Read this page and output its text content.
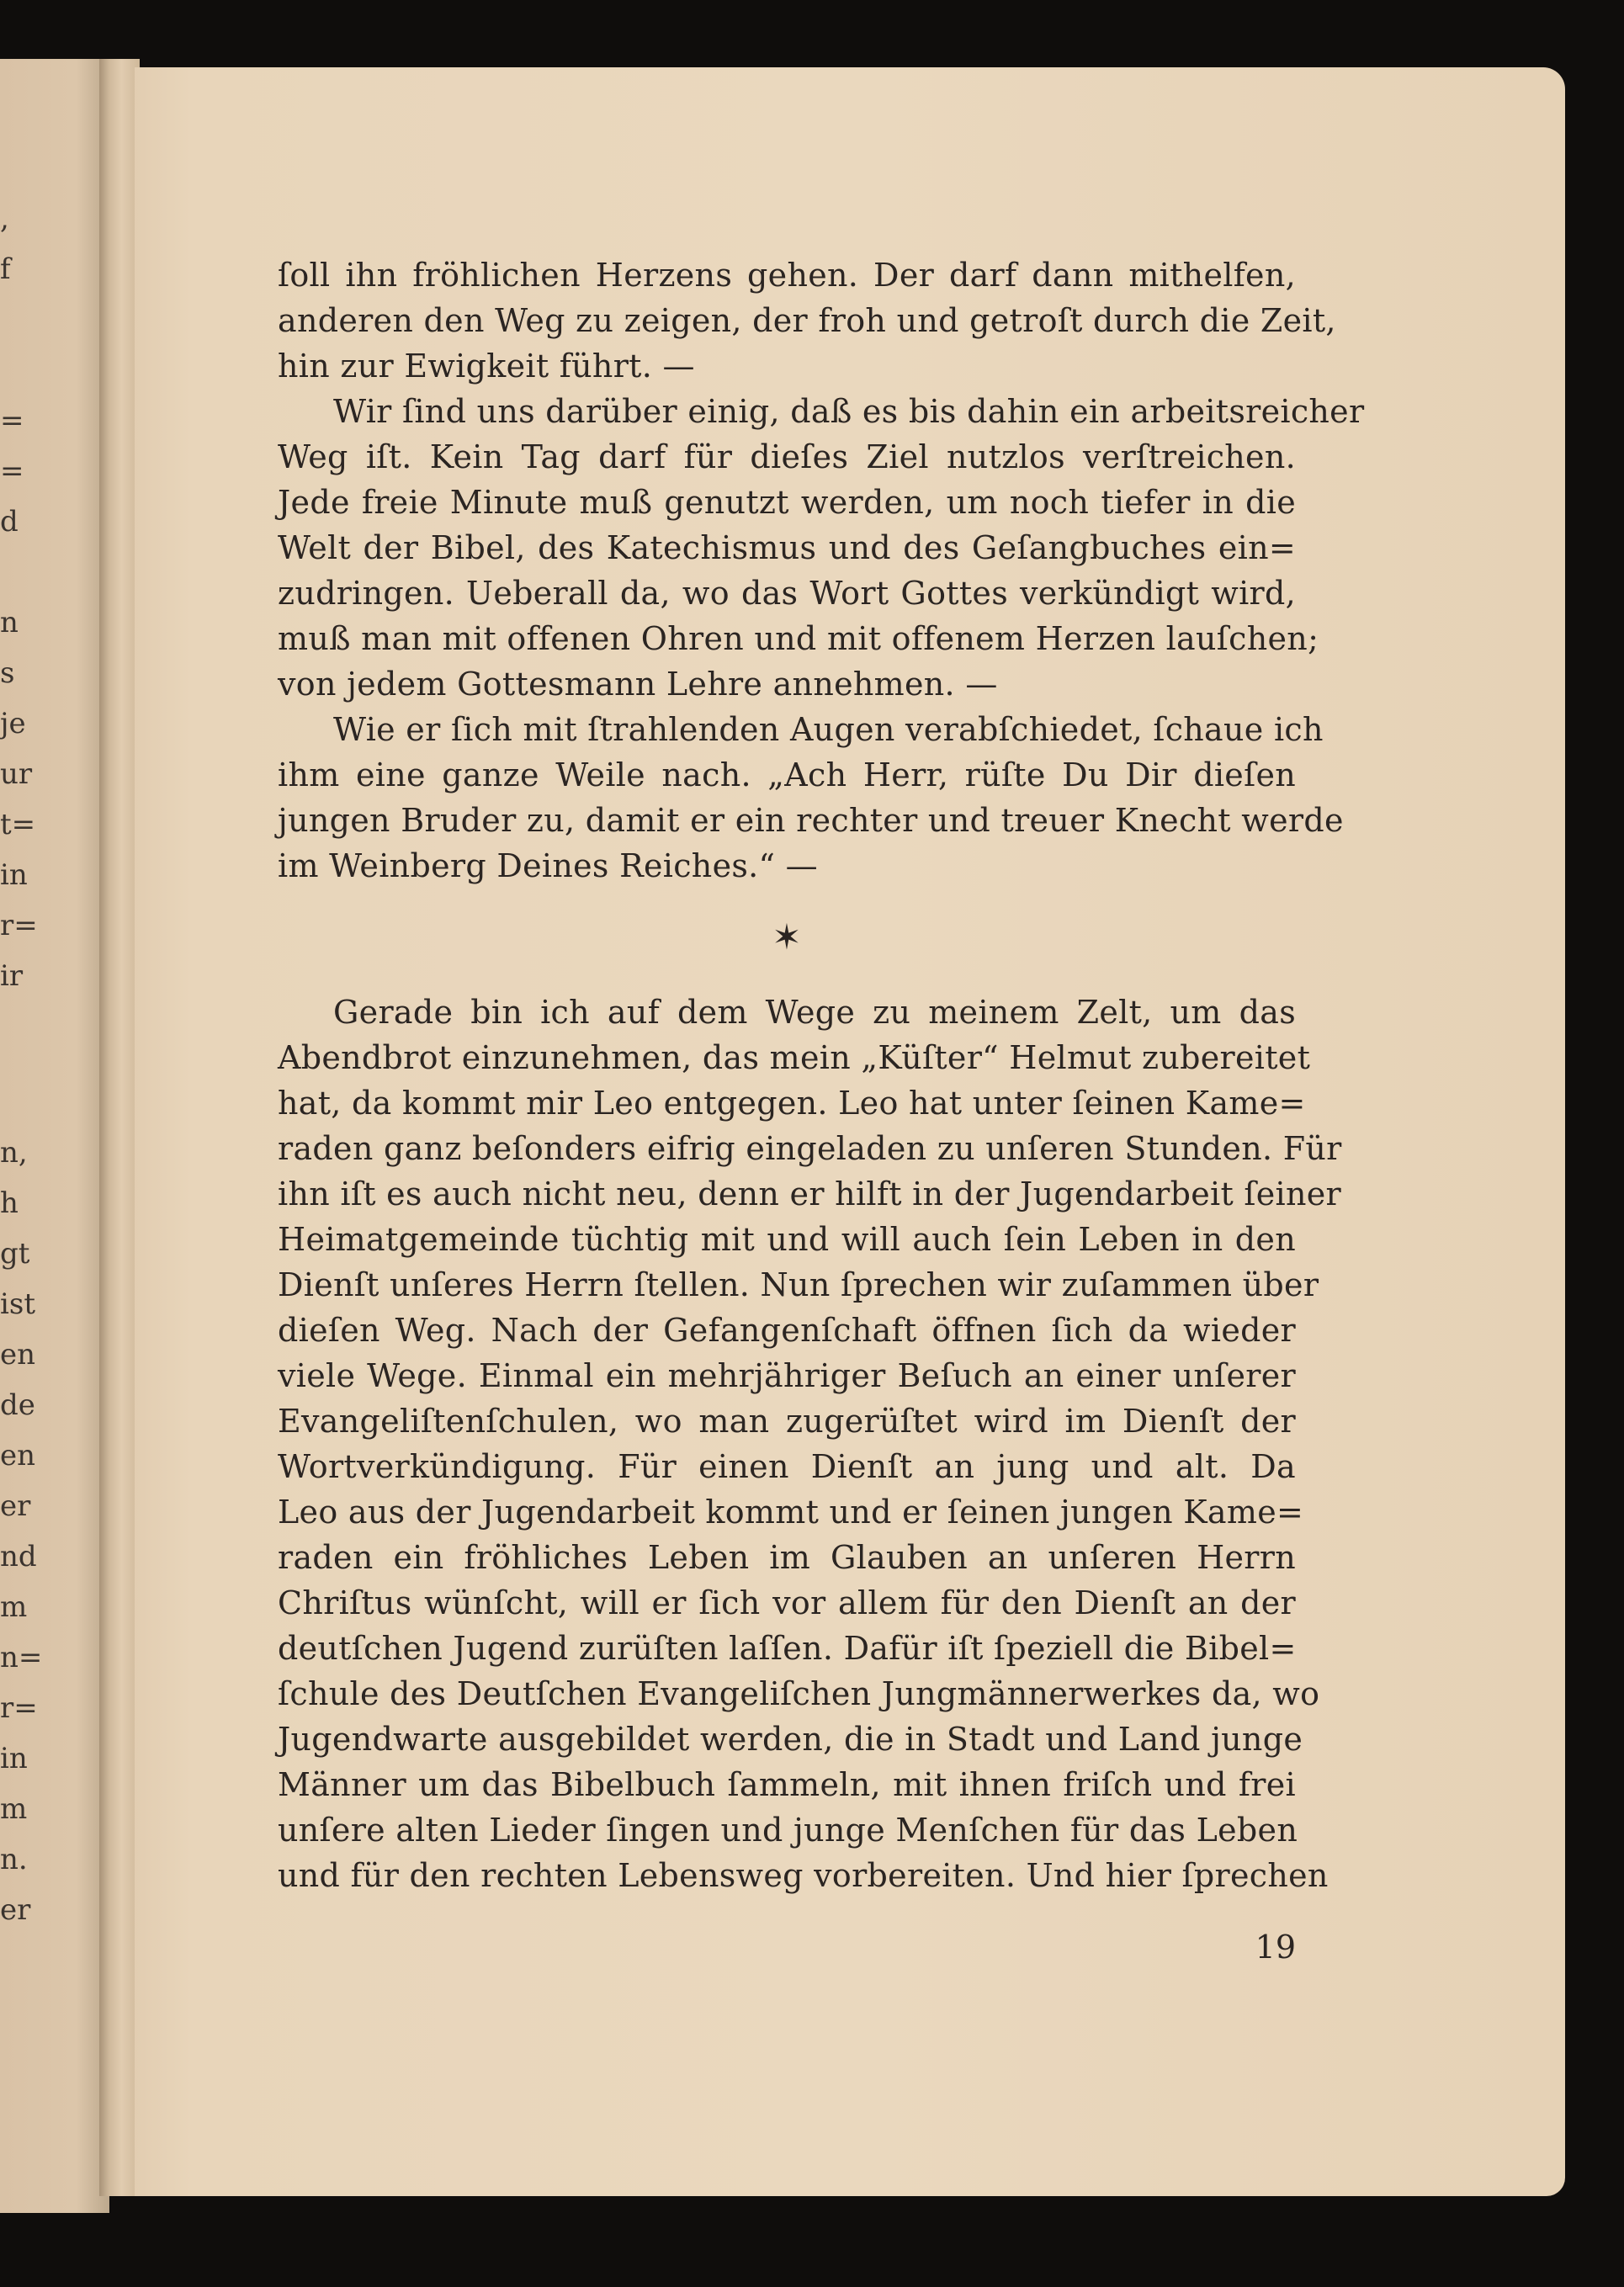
,
f
=
=
d
n
s
je
ur
t=
in
r=
ir
n,
h
gt
ist
en
de
en
er
nd
m
n=
r=
in
m
n.
er
ſoll ihn fröhlichen Herzens gehen. Der darf dann mithelfen,
anderen den Weg zu zeigen, der froh und getroſt durch die Zeit,
hin zur Ewigkeit führt. —
Wir ſind uns darüber einig, daß es bis dahin ein arbeitsreicher
Weg iſt. Kein Tag darf für dieſes Ziel nutzlos verſtreichen.
Jede freie Minute muß genutzt werden, um noch tiefer in die
Welt der Bibel, des Katechismus und des Geſangbuches ein=
zudringen. Ueberall da, wo das Wort Gottes verkündigt wird,
muß man mit offenen Ohren und mit offenem Herzen lauſchen;
von jedem Gottesmann Lehre annehmen. —
Wie er ſich mit ſtrahlenden Augen verabſchiedet, ſchaue ich
ihm eine ganze Weile nach. „Ach Herr, rüſte Du Dir dieſen
jungen Bruder zu, damit er ein rechter und treuer Knecht werde
im Weinberg Deines Reiches.“ —
✶
Gerade bin ich auf dem Wege zu meinem Zelt, um das
Abendbrot einzunehmen, das mein „Küſter“ Helmut zubereitet
hat, da kommt mir Leo entgegen. Leo hat unter ſeinen Kame=
raden ganz beſonders eifrig eingeladen zu unſeren Stunden. Für
ihn iſt es auch nicht neu, denn er hilft in der Jugendarbeit ſeiner
Heimatgemeinde tüchtig mit und will auch ſein Leben in den
Dienſt unſeres Herrn ſtellen. Nun ſprechen wir zuſammen über
dieſen Weg. Nach der Gefangenſchaft öffnen ſich da wieder
viele Wege. Einmal ein mehrjähriger Beſuch an einer unſerer
Evangeliſtenſchulen, wo man zugerüſtet wird im Dienſt der
Wortverkündigung. Für einen Dienſt an jung und alt. Da
Leo aus der Jugendarbeit kommt und er ſeinen jungen Kame=
raden ein fröhliches Leben im Glauben an unſeren Herrn
Chriſtus wünſcht, will er ſich vor allem für den Dienſt an der
deutſchen Jugend zurüſten laſſen. Dafür iſt ſpeziell die Bibel=
ſchule des Deutſchen Evangeliſchen Jungmännerwerkes da, wo
Jugendwarte ausgebildet werden, die in Stadt und Land junge
Männer um das Bibelbuch ſammeln, mit ihnen friſch und frei
unſere alten Lieder ſingen und junge Menſchen für das Leben
und für den rechten Lebensweg vorbereiten. Und hier ſprechen
19
